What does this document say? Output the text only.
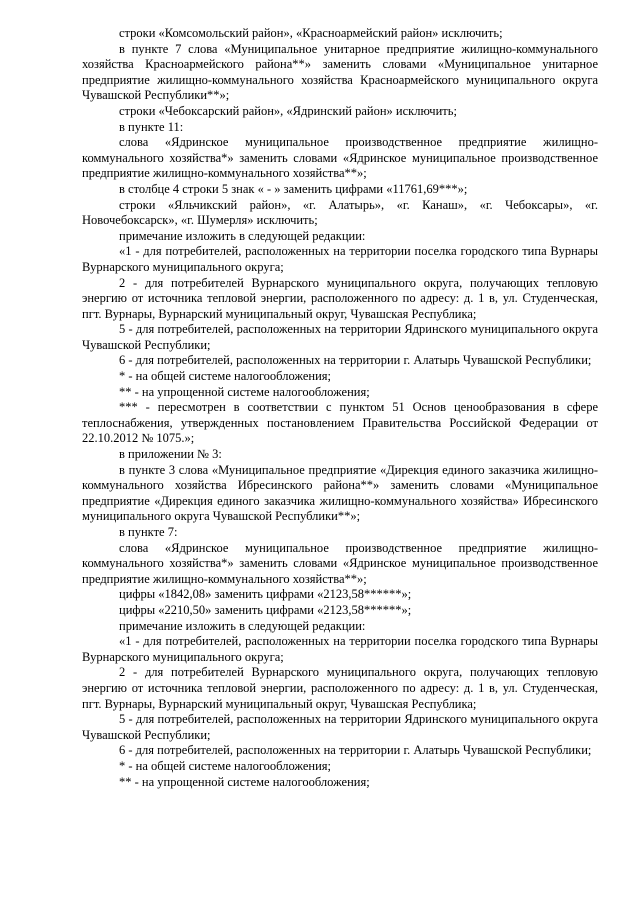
строки «Комсомольский район», «Красноармейский район» исключить;

в пункте 7 слова «Муниципальное унитарное предприятие жилищно-коммунального хозяйства Красноармейского района**» заменить словами «Муниципальное унитарное предприятие жилищно-коммунального хозяйства Красноармейского муниципального округа Чувашской Республики**»;

строки «Чебоксарский район», «Ядринский район» исключить;

в пункте 11:

слова «Ядринское муниципальное производственное предприятие жилищно-коммунального хозяйства*» заменить словами «Ядринское муниципальное производственное предприятие жилищно-коммунального хозяйства**»;

в столбце 4 строки 5 знак « - » заменить цифрами «11761,69***»;

строки «Яльчикский район», «г. Алатырь», «г. Канаш», «г. Чебоксары», «г. Новочебоксарск», «г. Шумерля» исключить;

примечание изложить в следующей редакции:

«1 - для потребителей, расположенных на территории поселка городского типа Вурнары Вурнарского муниципального округа;

2 - для потребителей Вурнарского муниципального округа, получающих тепловую энергию от источника тепловой энергии, расположенного по адресу: д. 1 в, ул. Студенческая, пгт. Вурнары, Вурнарский муниципальный округ, Чувашская Республика;

5 - для потребителей, расположенных на территории Ядринского муниципального округа Чувашской Республики;

6 - для потребителей, расположенных на территории г. Алатырь Чувашской Республики;

* - на общей системе налогообложения;

** - на упрощенной системе налогообложения;

*** - пересмотрен в соответствии с пунктом 51 Основ ценообразования в сфере теплоснабжения, утвержденных постановлением Правительства Российской Федерации от 22.10.2012 № 1075.»;

в приложении № 3:

в пункте 3 слова «Муниципальное предприятие «Дирекция единого заказчика жилищно-коммунального хозяйства Ибресинского района**» заменить словами «Муниципальное предприятие «Дирекция единого заказчика жилищно-коммунального хозяйства» Ибресинского муниципального округа Чувашской Республики**»;

в пункте 7:

слова «Ядринское муниципальное производственное предприятие жилищно-коммунального хозяйства*» заменить словами «Ядринское муниципальное производственное предприятие жилищно-коммунального хозяйства**»;

цифры «1842,08» заменить цифрами «2123,58******»;

цифры «2210,50» заменить цифрами «2123,58******»;

примечание изложить в следующей редакции:

«1 - для потребителей, расположенных на территории поселка городского типа Вурнары Вурнарского муниципального округа;

2 - для потребителей Вурнарского муниципального округа, получающих тепловую энергию от источника тепловой энергии, расположенного по адресу: д. 1 в, ул. Студенческая, пгт. Вурнары, Вурнарский муниципальный округ, Чувашская Республика;

5 - для потребителей, расположенных на территории Ядринского муниципального округа Чувашской Республики;

6 - для потребителей, расположенных на территории г. Алатырь Чувашской Республики;

* - на общей системе налогообложения;

** - на упрощенной системе налогообложения;
